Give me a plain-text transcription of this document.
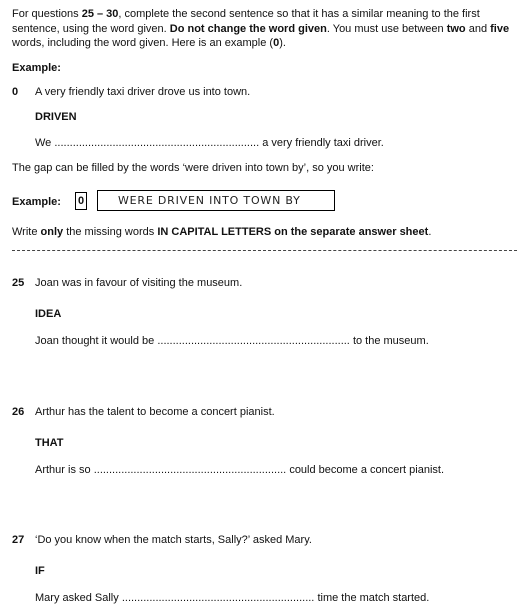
For questions 25 – 30, complete the second sentence so that it has a similar meaning to the first sentence, using the word given. Do not change the word given. You must use between two and five words, including the word given. Here is an example (0).
Example:
0 A very friendly taxi driver drove us into town.
DRIVEN
We ................................................................... a very friendly taxi driver.
The gap can be filled by the words ‘were driven into town by’, so you write:
Example: 0	WERE DRIVEN INTO TOWN BY
Write only the missing words IN CAPITAL LETTERS on the separate answer sheet.
25 Joan was in favour of visiting the museum.
IDEA
Joan thought it would be ............................................................... to the museum.
26 Arthur has the talent to become a concert pianist.
THAT
Arthur is so ............................................................... could become a concert pianist.
27 ‘Do you know when the match starts, Sally?’ asked Mary.
IF
Mary asked Sally ............................................................... time the match started.
